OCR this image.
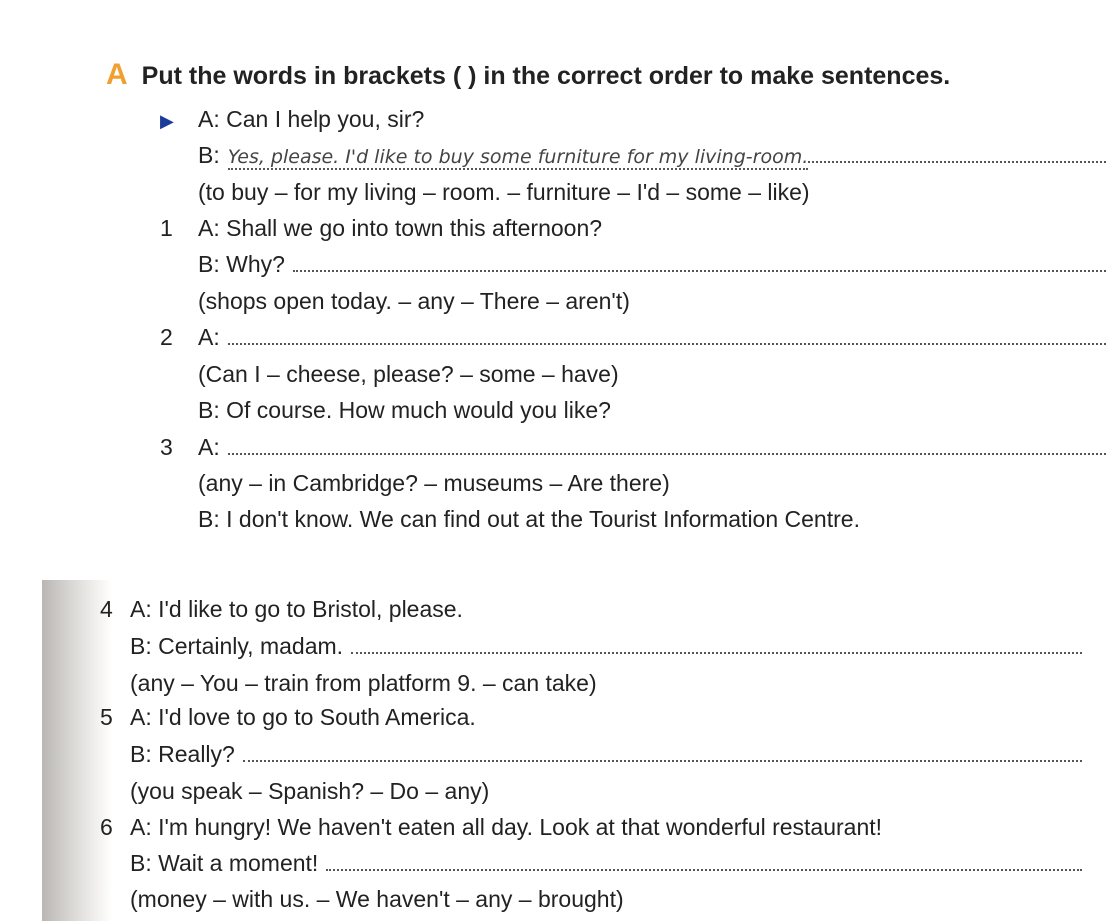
A Put the words in brackets ( ) in the correct order to make sentences.
▶	A: Can I help you, sir?
B: Yes, please. I'd like to buy some furniture for my living-room.
(to buy – for my living – room. – furniture – I'd – some – like)
1	A: Shall we go into town this afternoon?
B: Why?
(shops open today. – any – There – aren't)
2	A:
(Can I – cheese, please? – some – have)
B: Of course. How much would you like?
3	A:
(any – in Cambridge? – museums – Are there)
B: I don't know. We can find out at the Tourist Information Centre.
4 A: I'd like to go to Bristol, please.
B: Certainly, madam.
(any – You – train from platform 9. – can take)
5 A: I'd love to go to South America.
B: Really?
(you speak – Spanish? – Do – any)
6 A: I'm hungry! We haven't eaten all day. Look at that wonderful restaurant!
B: Wait a moment!
(money – with us. – We haven't – any – brought)
